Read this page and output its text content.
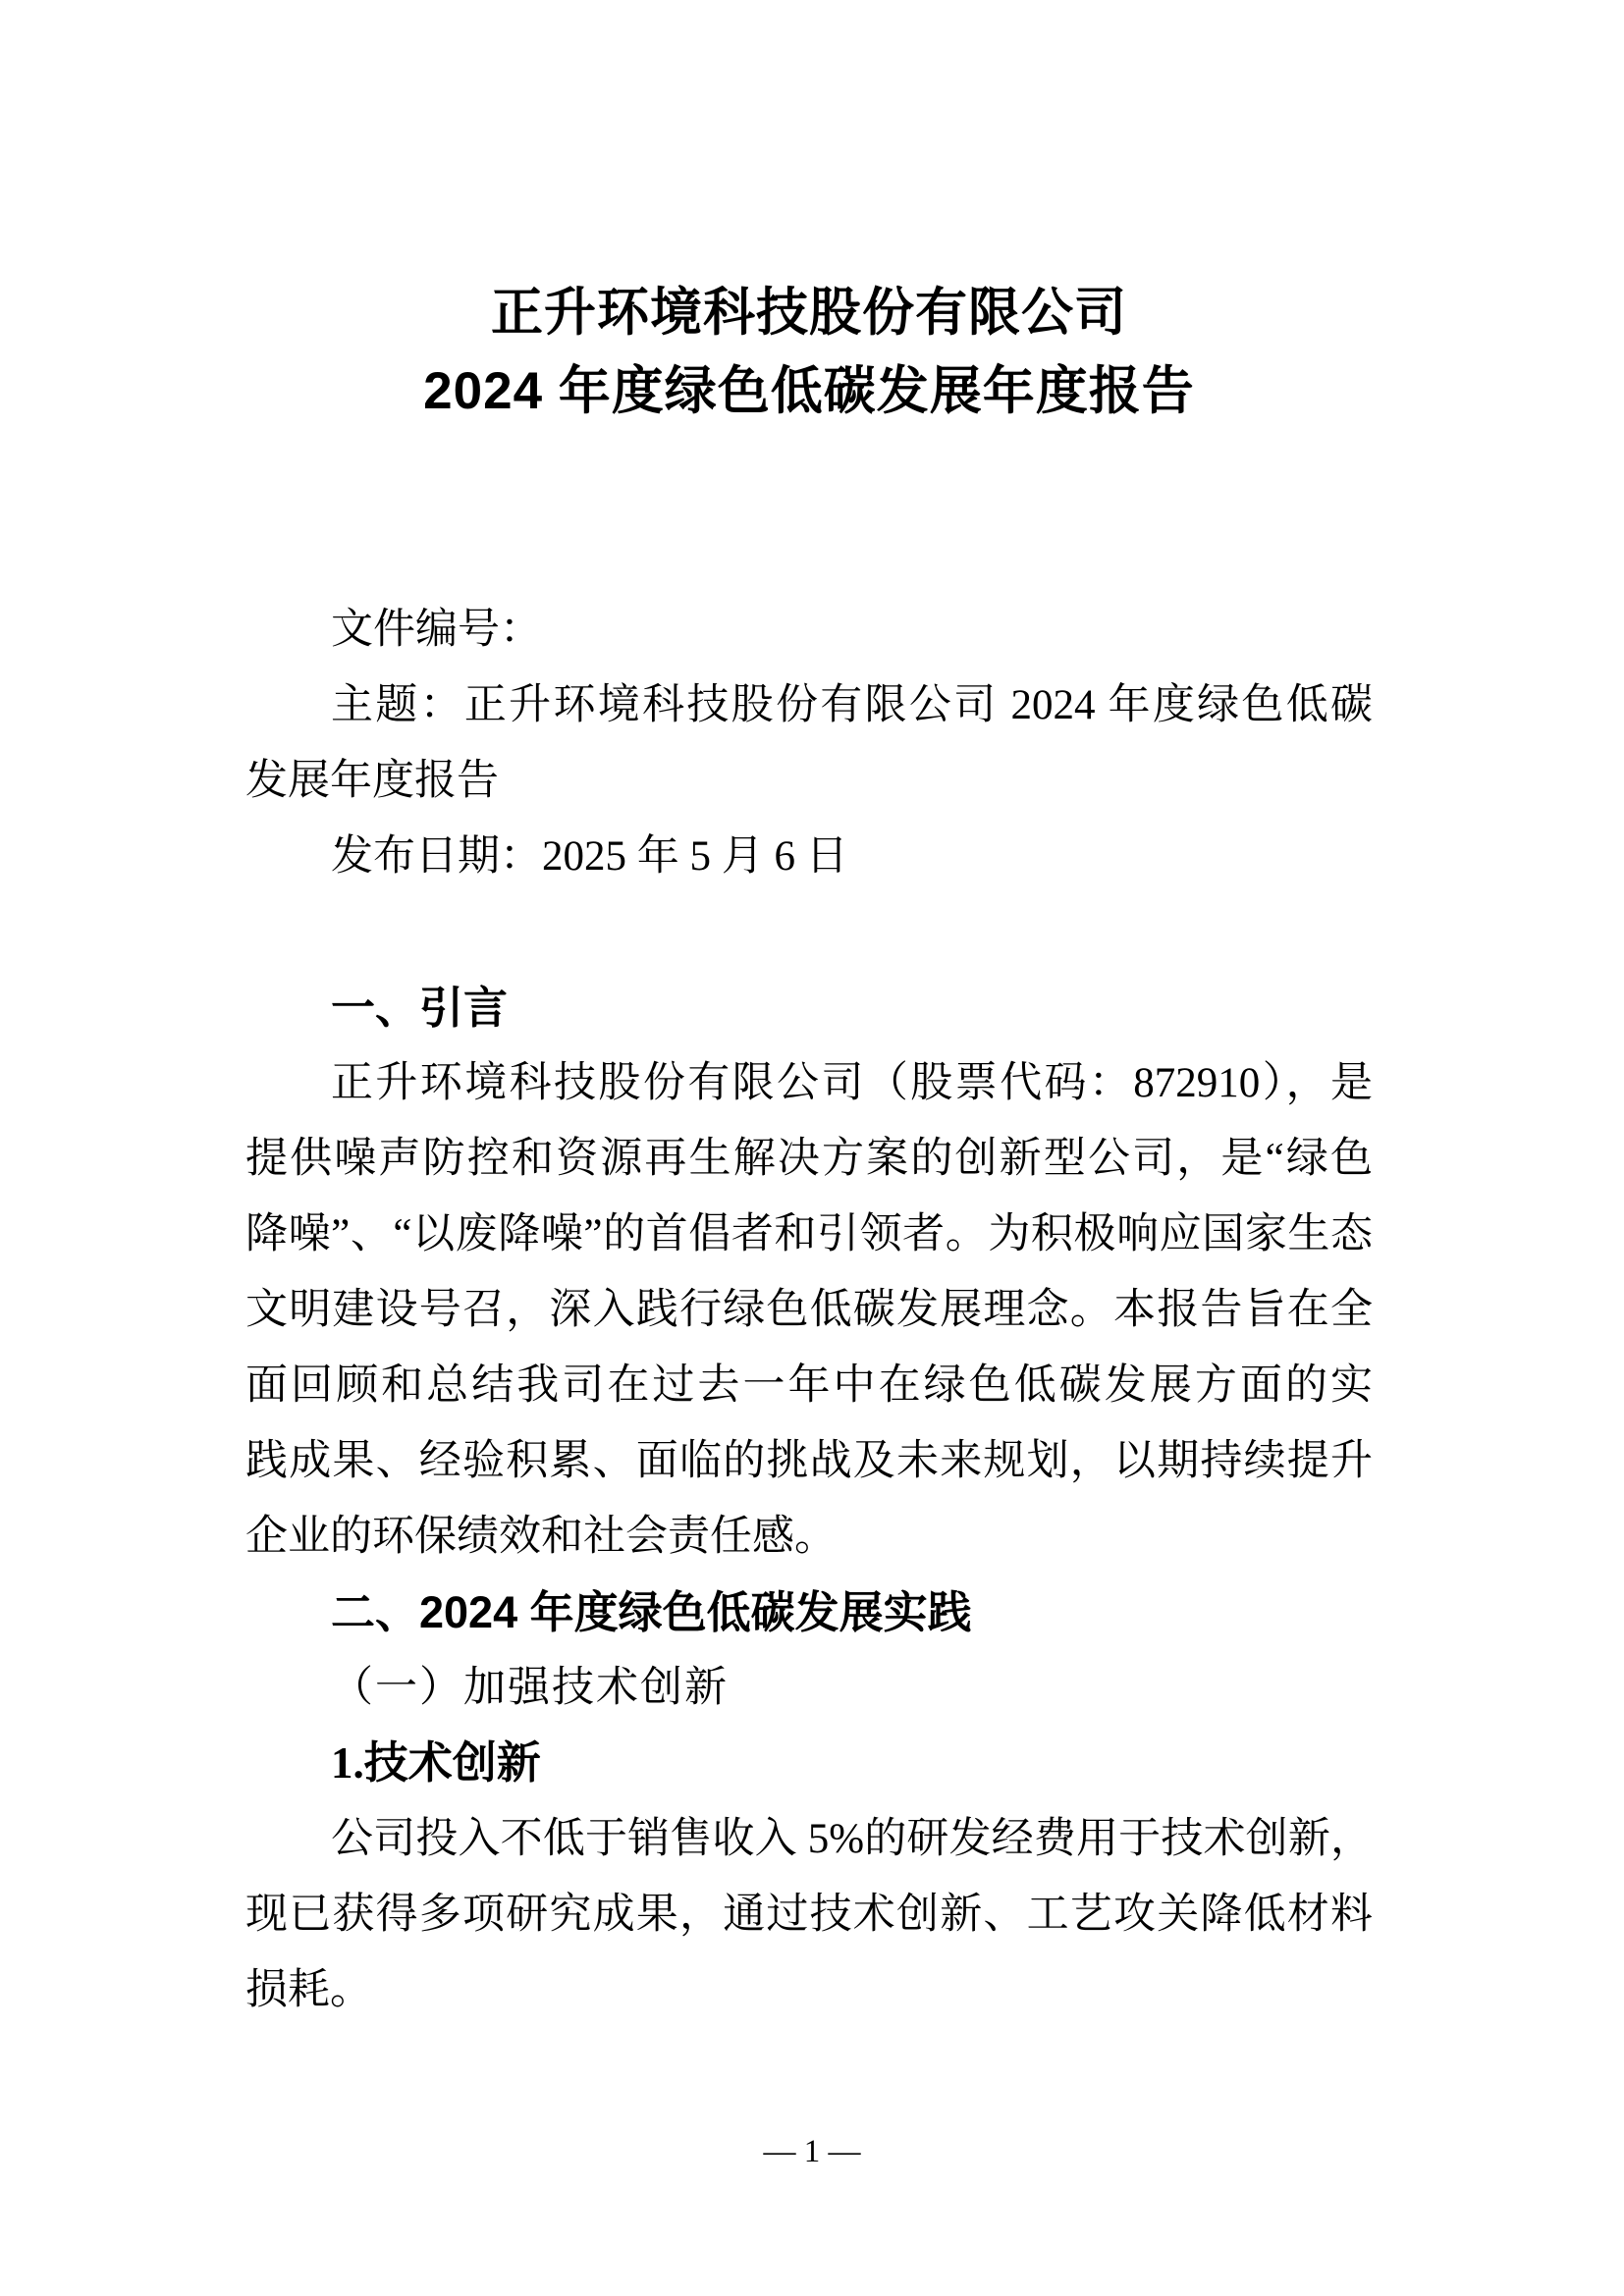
正升环境科技股份有限公司
2024 年度绿色低碳发展年度报告
文件编号：
主题：正升环境科技股份有限公司 2024 年度绿色低碳
发展年度报告
发布日期：2025 年 5 月 6 日
一、引言
正升环境科技股份有限公司（股票代码：872910），是
提供噪声防控和资源再生解决方案的创新型公司，是“绿色
降噪”、“以废降噪”的首倡者和引领者。为积极响应国家生态
文明建设号召，深入践行绿色低碳发展理念。本报告旨在全
面回顾和总结我司在过去一年中在绿色低碳发展方面的实
践成果、经验积累、面临的挑战及未来规划，以期持续提升
企业的环保绩效和社会责任感。
二、2024 年度绿色低碳发展实践
（一）加强技术创新
1.技术创新
公司投入不低于销售收入 5%的研发经费用于技术创新，
现已获得多项研究成果，通过技术创新、工艺攻关降低材料
损耗。
— 1 —
